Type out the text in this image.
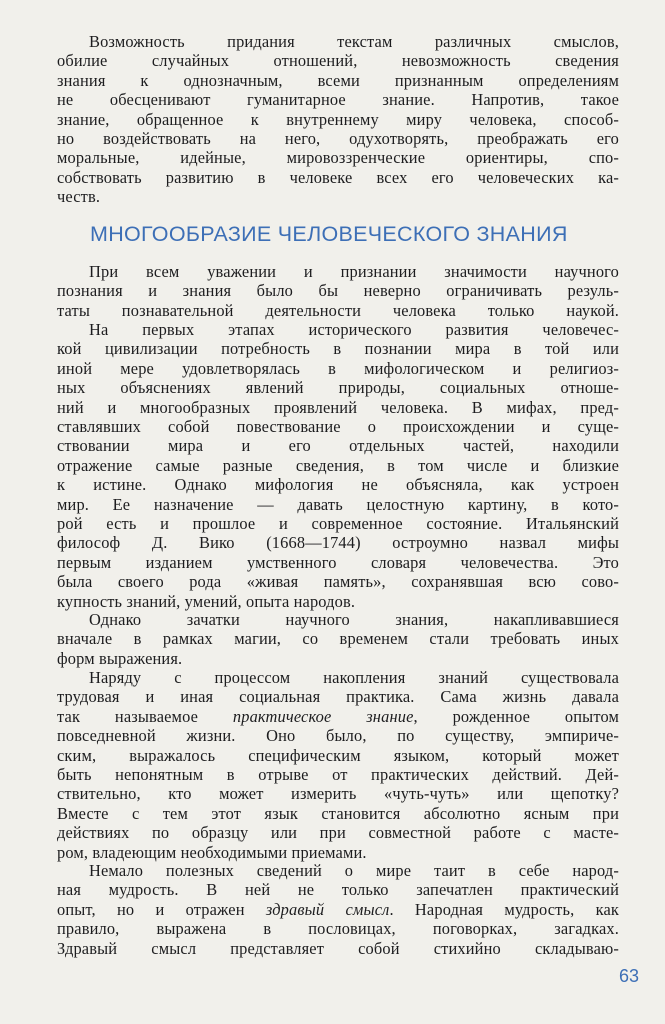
Возможность придания текстам различных смыслов,
обилие случайных отношений, невозможность сведения
знания к однозначным, всеми признанным определениям
не обесценивают гуманитарное знание. Напротив, такое
знание, обращенное к внутреннему миру человека, способ-
но воздействовать на него, одухотворять, преображать его
моральные, идейные, мировоззренческие ориентиры, спо-
собствовать развитию в человеке всех его человеческих ка-
честв.
МНОГООБРАЗИЕ ЧЕЛОВЕЧЕСКОГО ЗНАНИЯ
При всем уважении и признании значимости научного
познания и знания было бы неверно ограничивать резуль-
таты познавательной деятельности человека только наукой.
На первых этапах исторического развития человечес-
кой цивилизации потребность в познании мира в той или
иной мере удовлетворялась в мифологическом и религиоз-
ных объяснениях явлений природы, социальных отноше-
ний и многообразных проявлений человека. В мифах, пред-
ставлявших собой повествование о происхождении и суще-
ствовании мира и его отдельных частей, находили
отражение самые разные сведения, в том числе и близкие
к истине. Однако мифология не объясняла, как устроен
мир. Ее назначение — давать целостную картину, в кото-
рой есть и прошлое и современное состояние. Итальянский
философ Д. Вико (1668—1744) остроумно назвал мифы
первым изданием умственного словаря человечества. Это
была своего рода «живая память», сохранявшая всю сово-
купность знаний, умений, опыта народов.
Однако зачатки научного знания, накапливавшиеся
вначале в рамках магии, со временем стали требовать иных
форм выражения.
Наряду с процессом накопления знаний существовала
трудовая и иная социальная практика. Сама жизнь давала
так называемое практическое знание, рожденное опытом
повседневной жизни. Оно было, по существу, эмпириче-
ским, выражалось специфическим языком, который может
быть непонятным в отрыве от практических действий. Дей-
ствительно, кто может измерить «чуть-чуть» или щепотку?
Вместе с тем этот язык становится абсолютно ясным при
действиях по образцу или при совместной работе с масте-
ром, владеющим необходимыми приемами.
Немало полезных сведений о мире таит в себе народ-
ная мудрость. В ней не только запечатлен практический
опыт, но и отражен здравый смысл. Народная мудрость, как
правило, выражена в пословицах, поговорках, загадках.
Здравый смысл представляет собой стихийно складываю-
63
